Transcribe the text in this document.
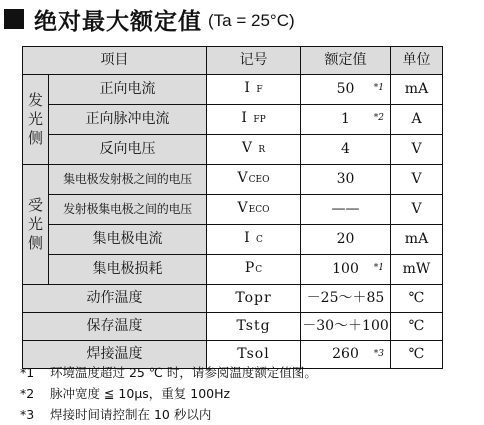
绝对最大额定值 (Ta = 25°C)
项目		记号	额定值	单位

发光侧	正向电流	I F	50 *1	mA
	正向脉冲电流	I FP	1 *2	A
	反向电压	V R	4	V

受光侧	集电极发射极之间的电压	VCEO	30	V
	发射极集电极之间的电压	VECO	——	V
	集电极电流	I C	20	mA
	集电极损耗	PC	100 *1	mW
动作温度		Topr	－25～＋85	℃
保存温度		Tstg	－30～＋100	℃
焊接温度		Tsol	260 *3	℃
*1	环境温度超过 25 ℃ 时，请参阅温度额定值图。
*2	脉冲宽度 ≦ 10µs，重复 100Hz
*3	焊接时间请控制在 10 秒以内
